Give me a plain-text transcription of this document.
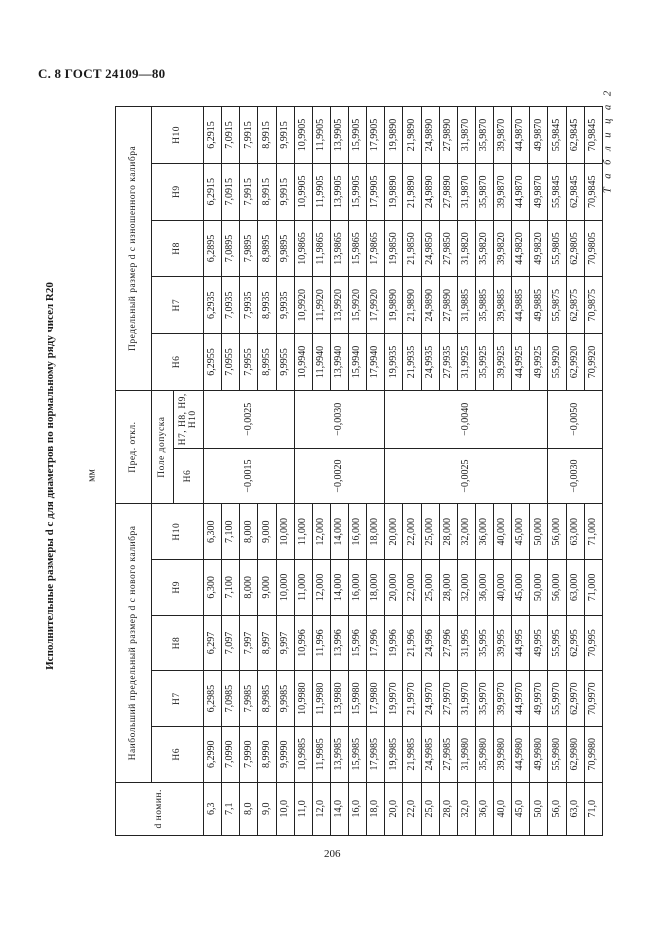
С. 8 ГОСТ 24109—80
Исполнительные размеры d c для диаметров по нормальному ряду чисел R20	мм
Т а б л и ц а 2
d номин.	Наибольший предельный размер d c нового калибра					Пред. откл.		Предельный размер d c изношенного калибра				
	H6	H7	H8	H9	H10	Поле допуска		H6	H7	H8	H9	H10
						H6	H7, H8, H9, H10					
6,3	6,2990	6,2985	6,297	6,300	6,300	−0,0015	−0,0025	6,2955	6,2935	6,2895	6,2915	6,2915
7,1	7,0990	7,0985	7,097	7,100	7,100			7,0955	7,0935	7,0895	7,0915	7,0915
8,0	7,9990	7,9985	7,997	8,000	8,000			7,9955	7,9935	7,9895	7,9915	7,9915
9,0	8,9990	8,9985	8,997	9,000	9,000			8,9955	8,9935	8,9895	8,9915	8,9915
10,0	9,9990	9,9985	9,997	10,000	10,000			9,9955	9,9935	9,9895	9,9915	9,9915
11,0	10,9985	10,9980	10,996	11,000	11,000	−0,0020	−0,0030	10,9940	10,9920	10,9865	10,9905	10,9905
12,0	11,9985	11,9980	11,996	12,000	12,000			11,9940	11,9920	11,9865	11,9905	11,9905
14,0	13,9985	13,9980	13,996	14,000	14,000			13,9940	13,9920	13,9865	13,9905	13,9905
16,0	15,9985	15,9980	15,996	16,000	16,000			15,9940	15,9920	15,9865	15,9905	15,9905
18,0	17,9985	17,9980	17,996	18,000	18,000			17,9940	17,9920	17,9865	17,9905	17,9905
20,0	19,9985	19,9970	19,996	20,000	20,000	−0,0025	−0,0040	19,9935	19,9890	19,9850	19,9890	19,9890
22,0	21,9985	21,9970	21,996	22,000	22,000			21,9935	21,9890	21,9850	21,9890	21,9890
25,0	24,9985	24,9970	24,996	25,000	25,000			24,9935	24,9890	24,9850	24,9890	24,9890
28,0	27,9985	27,9970	27,996	28,000	28,000			27,9935	27,9890	27,9850	27,9890	27,9890
32,0	31,9980	31,9970	31,995	32,000	32,000			31,9925	31,9885	31,9820	31,9870	31,9870
36,0	35,9980	35,9970	35,995	36,000	36,000			35,9925	35,9885	35,9820	35,9870	35,9870
40,0	39,9980	39,9970	39,995	40,000	40,000			39,9925	39,9885	39,9820	39,9870	39,9870
45,0	44,9980	44,9970	44,995	45,000	45,000			44,9925	44,9885	44,9820	44,9870	44,9870
50,0	49,9980	49,9970	49,995	50,000	50,000			49,9925	49,9885	49,9820	49,9870	49,9870
56,0	55,9980	55,9970	55,995	56,000	56,000	−0,0030	−0,0050	55,9920	55,9875	55,9805	55,9845	55,9845
63,0	62,9980	62,9970	62,995	63,000	63,000			62,9920	62,9875	62,9805	62,9845	62,9845
71,0	70,9980	70,9970	70,995	71,000	71,000			70,9920	70,9875	70,9805	70,9845	70,9845
206
